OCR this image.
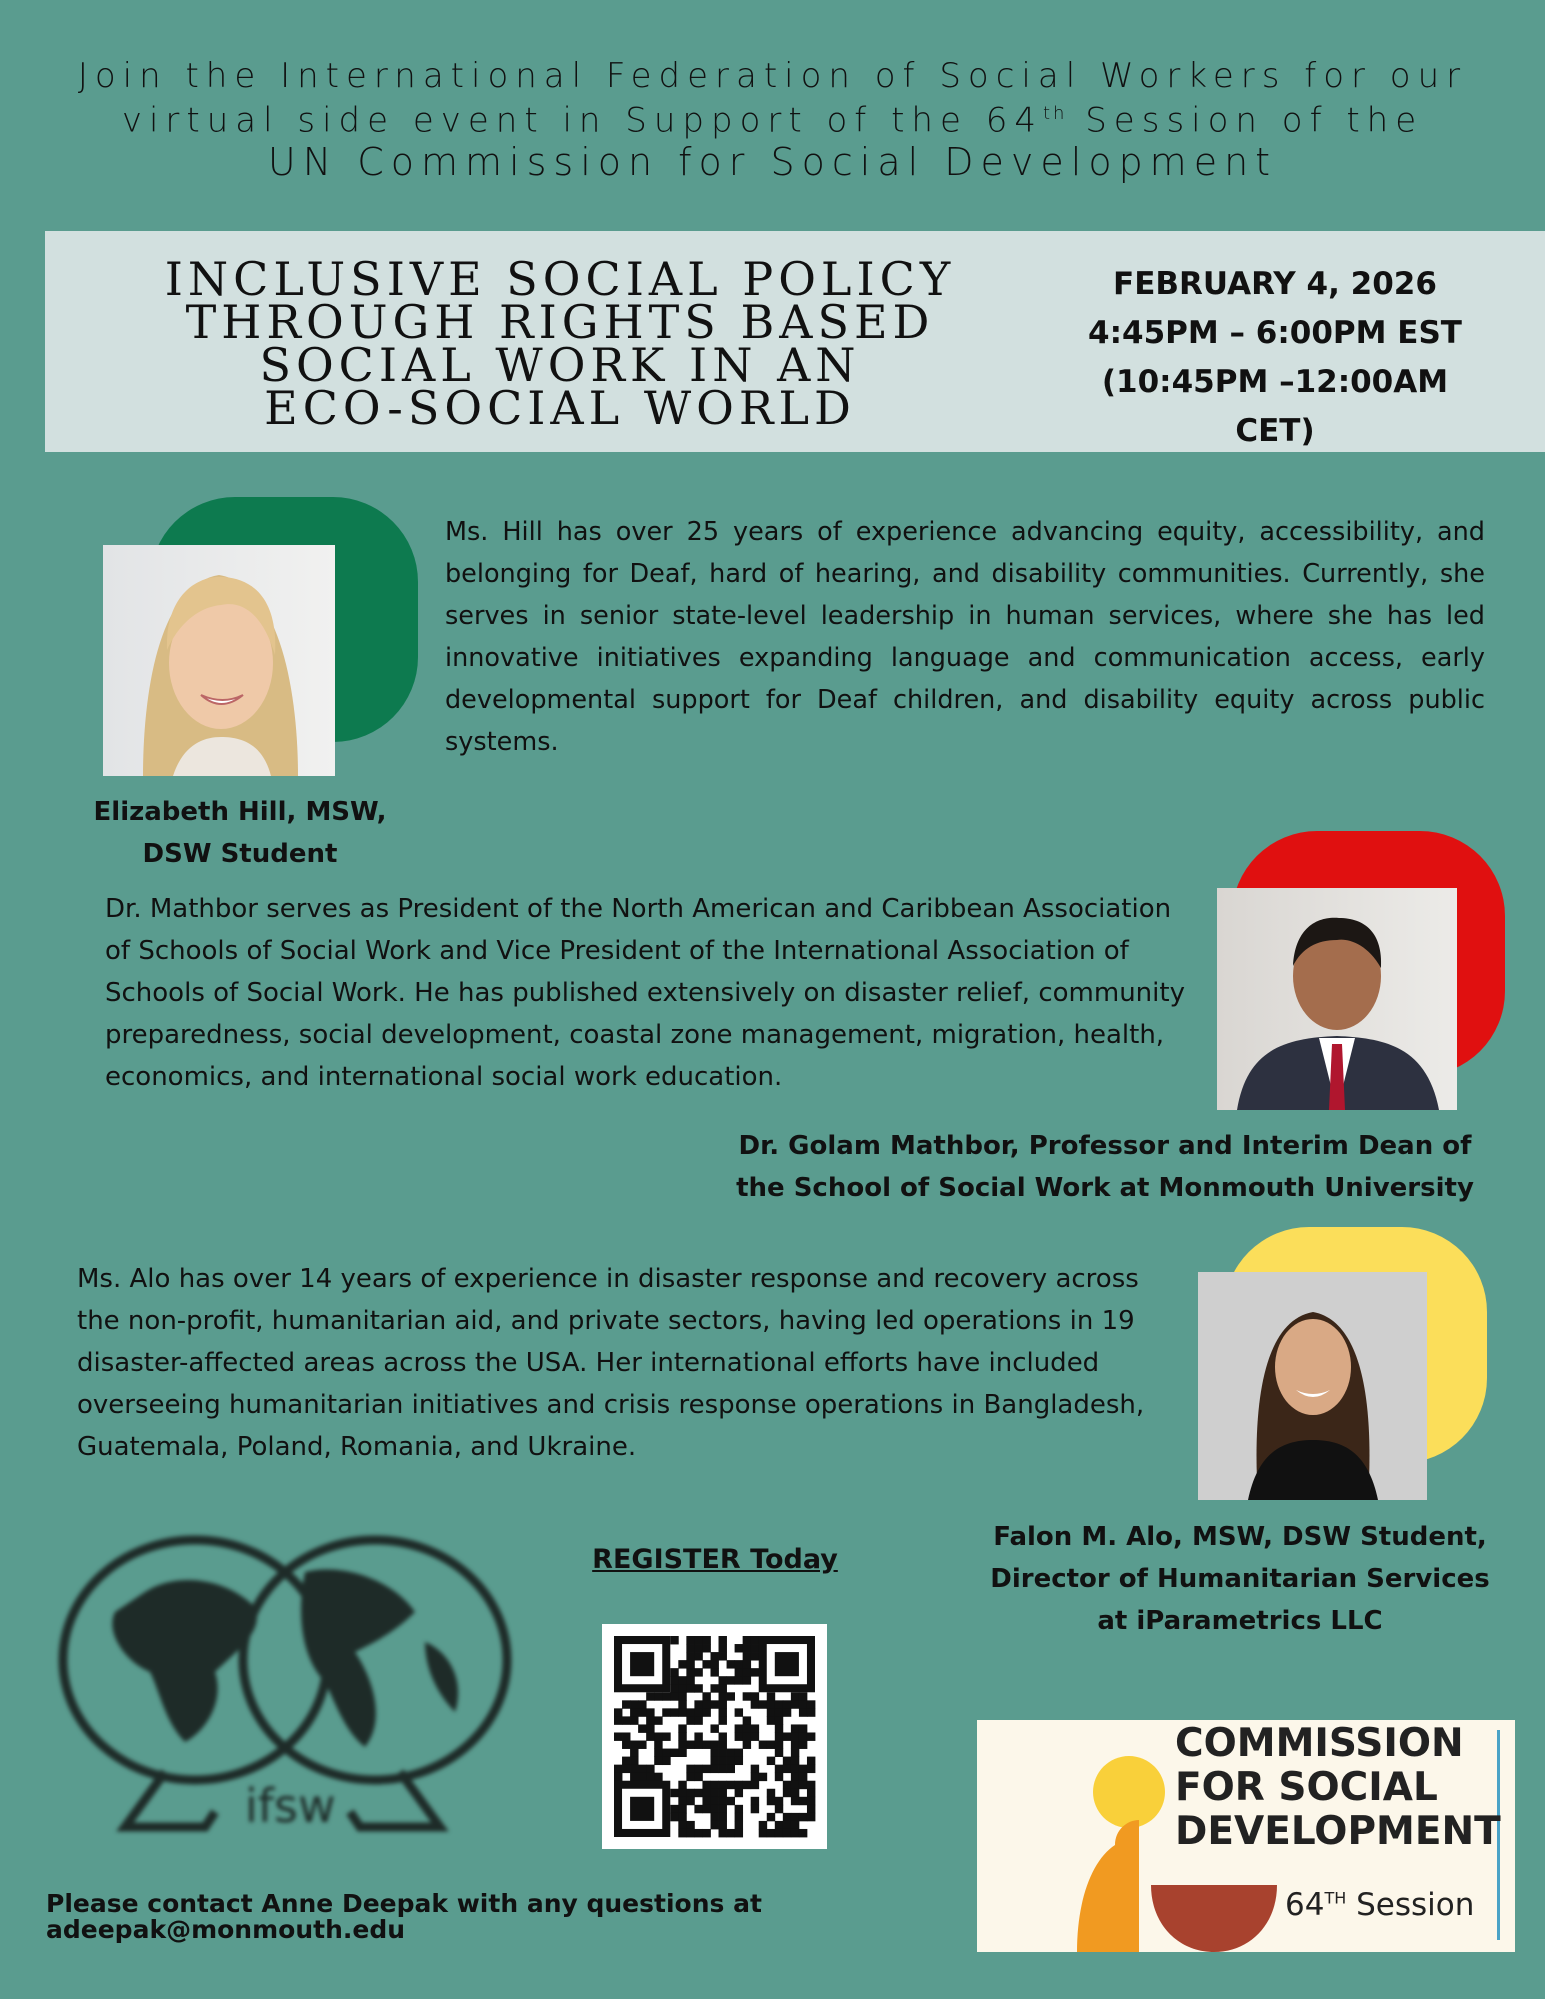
Join the International Federation of Social Workers for our
virtual side event in Support of the 64th Session of the
UN Commission for Social Development
INCLUSIVE SOCIAL POLICY
THROUGH RIGHTS BASED
SOCIAL WORK IN AN
ECO-SOCIAL WORLD
FEBRUARY 4, 2026
4:45PM – 6:00PM EST
(10:45PM –12:00AM
CET)
Ms. Hill has over 25 years of experience advancing equity, accessibility, and belonging for Deaf, hard of hearing, and disability communities. Currently, she serves in senior state-level leadership in human services, where she has led innovative initiatives expanding language and communication access, early developmental support for Deaf children, and disability equity across public systems.
Elizabeth Hill, MSW,
DSW Student
Dr. Mathbor serves as President of the North American and Caribbean Association of Schools of Social Work and Vice President of the International Association of Schools of Social Work. He has published extensively on disaster relief, community preparedness, social development, coastal zone management, migration, health, economics, and international social work education.
Dr. Golam Mathbor, Professor and Interim Dean of
the School of Social Work at Monmouth University
Ms. Alo has over 14 years of experience in disaster response and recovery across the non-profit, humanitarian aid, and private sectors, having led operations in 19 disaster-affected areas across the USA. Her international efforts have included overseeing humanitarian initiatives and crisis response operations in Bangladesh, Guatemala, Poland, Romania, and Ukraine.
Falon M. Alo, MSW, DSW Student,
Director of Humanitarian Services
at iParametrics LLC
ifsw
REGISTER Today
Please contact Anne Deepak with any questions at
adeepak@monmouth.edu
COMMISSION
FOR SOCIAL
DEVELOPMENT
64TH Session
